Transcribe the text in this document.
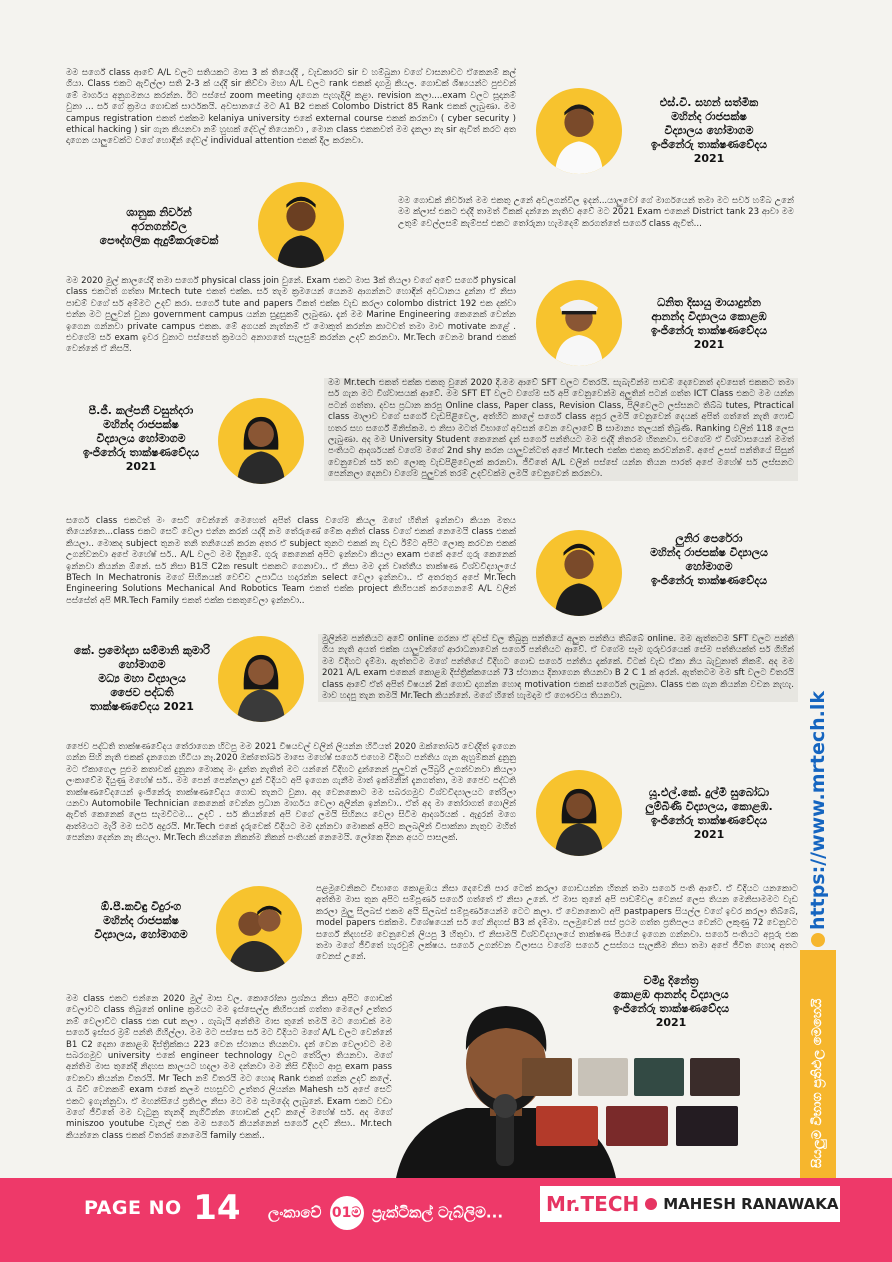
මම සර්ගේ class ආවේ A/L වලට සතියකට මාස 3 ක් තියෙද්දි , වැඩකාරට sir ව හම්බුනා වගේ වාසනාවට ඒකෙනම් කල් ගියා. Class එකට ඇවිල්ලා සති 2-3 ක් යද්දී sir කිව්වා මහා A/L වලට rank එකක් දාගමු කියල. ගොඩක් ශිෂ්‍යයන්ට පුළුවන් මේ මාර්ගය අනුගමනය කරන්න. ඊට පස්සේ zoom meeting දාගෙන පැහැදිලි කළා. revision කලා....exam වලට සූදානම් වුනා ... සර් ගේ ක්‍රමය ගොඩක් සාර්ථකයි. අවසානයේ මට A1 B2 එකක් Colombo District 85 Rank එකක් ලැබුණා. මම campus registration එකත් එක්කම kelaniya university එකේ external course එකක් කරනවා ( cyber security ) ethical hacking ) sir ගැන කියනවා නම් හුඟක් දේවල් තියෙනවා , මොන class එකකවත් මම දැකලා නෑ sir ඇවිත් කරට අත දාගෙන යාලුවෙක්ට වගේ හොඳින් දේවල් individual attention එකක් දීල කරනවා.
එස්.වී. සහන් සත්මික
මහින්ද රාජපක්ෂ
විද්‍යාලය හෝමාගම
ඉංජිනේරු තාක්ෂණවේදය
2021
ශානුක නිර්වන්
අරනගන්විල
පෞද්ගලික ඇදුම්කරුවෙක්
මම ගොඩක් නිර්වාන් මම එකතු උනේ අවලගන්විල ඉදන්...යාලුවෝ ගේ මාර්ගයෙන් තමා මට සර්ව හම්බ උනේ මම ක්ලාස් එකට එද්දී තාමත් ටිකක් දන්නෙ නැතිව අවේ මට 2021 Exam එකෙන් District tank 23 ආවා මම උතුම් වෙල්ලසම් කැම්පස් එකට තෝරුනා හැමදෙම් කරගත්තේ සර්ගේ class ඇවිත්...
මම 2020 මුල් කාලයේදී තමා සර්ගේ physical class join වුනේ. Exam එකට මාස 3ක් තියලා වගේ අවේ සර්ගේ physical class එකටත් ගත්තා Mr.tech tute එකත් එක්ක. සර් තැම ක්‍රමයෙන් යෙනම ආගන්නට හොඳින් අවධානය දුන්නා ඒ නිසා පාඩම් වගේ සර් අම්මට උදව් කරා. සර්ගේ tute and papers ටිකත් එක්ක වැඩ කරලා colombo district 192 එක දක්වා එන්න මට පුලුවන් වුනා government campus යන්න සුදුසුකම් ලැබුණා. දැන් මම Marine Engineering කෙනෙක් වෙන්න ඉගෙන ගන්නවා private campus එකක. මේ අගයක් නැත්නම් ඒ මොකුත් කරන්න කාටවත් තමා මාව motivate කළේ . එවගේම සර් exam ඉවර වුනාට පස්සෙත් ක්‍රමයට අනාගතේ සැලසුම් කරන්න උදව් කරනවා. Mr.Tech වෙනම brand එකක් වෙන්නේ ඒ නිසයි.
ධනිත දිසායු මායාදුන්න
ආනන්ද විද්‍යාලය කොළඹ
ඉංජිනේරු තාක්ෂණවේදය
2021
මම Mr.tech එකත් එක්ක එකතු වුනේ 2020 දී.මම ආවේ SFT වලට විතරයි. සැබැවින්ම පාඩම් දෙවෙනත් දවසෙත් එකකට තමා සර් ගැන මට විශ්වාසයක් ආවේ. මම SFT ET වලට වගේම සර් අපි වෙනුවෙන්ම අලුතින් පටන් ගත්ත ICT Class එකට මම යන්න පටන් ගත්තා. දවස ප්‍රධාන කරපු Online class, Paper class, Revision Class, පිලිවෙලට ලස්සනට තිබ්බ tutes, Ptractical class මාලාව වගේ සර්ගේ වැඩපිළිවෙල, අත්හිට කාලේ සර්ගේ class අපූර ලමයි වෙනුවෙන් දෙයක් අපිත් ගත්තේ නැති ෆොඩ් හතර සහ සර්ගේ මිනිස්කම. එ නිසා මටත් විභාගේ අවසන් වෙන වෙලාවේ B සාමාන්‍ය තලයක් තිබුණි. Ranking වලින් 118 ලෙස ලැබුණා. අද මම University Student කෙනෙක් දැන් සර්ගේ පන්තියට මම එද්දී නිතරම හිතනවා. එවගේම ඒ විශ්වාසයෙන් මමත් පංතියට ආදර්ශයක් වගේම මගේ 2nd shy කරන යාලුවන්ටත් අපේ Mr.tech එක්ක එකතු කරවන්නම්. අපේ උසස් පන්තියේ සිසුන් වෙනුවෙන් සර් තව ලොකු වැඩපිළිවෙලක් කරනවා. ජීවිතේ A/L වලින් පස්සේ යන්න තියන පාරත් අපේ මහේෂ් සර් ලස්සනට පෙන්නලා දෙනවා වගේම පුලුවන් තරම් උදව්වක්ම ලමයි වෙනුවෙන් කරනවා.
පී.ජී. කල්පනී වසුන්දරා
මහින්ද රාජපක්ෂ
විද්‍යාලය හෝමාගම
ඉංජිනේරු තාක්ෂණවේදය
2021
සර්ගෙ class එකටත් මං සෙට් වෙන්නේ මෙහෙත් අපිත් class වගේම කියල ඔහේ හිතින් ඉන්නවා කියන මතය තියෙන්නෙ...class එකට සෙට් වෙලා එන්න කරන් යද්දී නම තේරුණේ මේක අනිත් class වගේ එකක් නෙමෙයි class එකක් කියලා.. මොකද subject තුනම තනි තනියෙන් කරන අතර ඒ subject තුනට එකක් නැ වැඩ ඊම්ට අපිට ලොකු කරවන එකක් උගන්වනවා අපේ මහේෂ් සර්.. A/L වලට මම දිනුමේ. ගුරු කෙනෙක් අපිට ඉන්නවා කියලා exam එකේ අපේ ගුරු කෙනෙක් ඉන්නවා කියන්න ඕනේ. සර් නිසා B1යි C2ක result එකකට ගෙනාවා.. ඒ නිසා මම දැන් වෘත්තීය තාක්ෂණ විශ්වවිද්‍යාලයේ BTech In Mechatronis මගේ සිහිනයක් වෙච්ච උපාධිය හදාරන්න select වෙලා ඉන්නවා.. ඒ අතරතුර අපේ Mr.Tech Engineering Solutions Mechanical And Robotics Team එකත් එක්ක project කිහිපයක් කරගෙනමේ A/L වලින් පස්සේත් අපි MR.Tech Family එකත් එක්ක එකතුවෙලා ඉන්නවා..
ලුනිර පෙරේරා
මහින්ද රාජපක්ෂ විද්‍යාලය
හෝමාගම
ඉංජිනේරු තාක්ෂණවේදය
කේ. ප්‍රමෝද්‍යා සම්මානි කුමාරි
හෝමාගම
මධ්‍ය මහා විද්‍යාලය
ජෛව පද්ධති
තාක්ෂණවේදය 2021
මුලින්ම පන්තියට අවේ online ගරනා ඒ දවස් වල තිබුනු පන්තියේ අලුත පන්තිය තිබ්බේ online. මම ඇත්තටම SFT වලට පන්ති ගිය නැති අයත් එක්ක යාලුවන්ගේ ආරාධනාවෙන් සර්ගේ පන්තියට ආවේ. ඒ වගේම සෑම ගුරුවරයෙක් සේම පත්තියක්ත් සර් ගිහින් මම විදිහට දැම්මා. ඇත්තටම මගේ පන්තියේ විදිහට ගොඩ සර්ගෙ පන්තිය දැක්කේ. විටක් වැඩ ඒකා නිය බැවුනාත් නිකම්. අද මම 2021 A/L exam එකෙන් කොළඹ දිස්ත්‍රික්කයෙන් 73 ස්ථානය දිනාගෙන තියනවා B 2 C 1 ක් අරන්. ඇත්තටම මම sft වලට විතරයි class ආවේ ඒත් අපිත් විෂයන් 2ක් ගොඩ දාගන්න හොඳ motivation එකක් සර්ගෙන් ලැබුනා. Class එක ගැන කියන්න වචන නැහැ. මාව හදපු තැන තමයි Mr.Tech කියන්නේ. මගේ හිතේ හැමදාම ඒ ගෞරවය තියනවා.
ජෛව පද්ධති තාක්ෂණවේදය තේරාගෙන හිටපු මම 2021 විෂයවල් වලින් ලියන්න හිටියත් 2020 ඔක්තෝබර් වෙද්දිත් ඉගෙන ගන්න සිහි නැති එකක් දැනගෙන හිටියා නෑ.2020 ඔක්තෝබර් මාසෙ මහේෂ් සර්ගෙ එහෙම විදිහට පන්තිය ගැන ඇහුම්කන් දුනුනු මට ඒකාගෙල පුළුම කතාවක් දුනුනා මොකද මං දුන්ත නැතිත් මට යන්නේ විදිහට දුන්නෙන් පුලුවන් ලයිබ්‍රරි උගන්වනවා කියලා ලංකාවේම දියුණු මහේෂ් සර්.. මම පෙන් පෙන්නලා දුන් විදියට අපි ඉගෙන ගැනීම මාත් ඉක්මනින් දැනගත්තා, මම ජෛව පද්ධති තාක්ෂණවේදයෙන් ඉංජිනේරු තාක්ෂණවේදය ගොඩ තැනට වුනා. අද වෙනකොට මම සබරගමුව විශ්වවිද්‍යාලයට තේරිලා යනවා Automobile Technician කෙනෙක් වෙන්න ප්‍රධාන මාර්ගය වෙලා අලින්න ඉන්නවා.. ඒත් අද මා තෝරාගත් ගොලින් ඇවිත් කෙනෙක් ලෙස සැමවිටම... උදව් . සර් කියන්නේ අපි වගේ ලමයි සිහිනය වෙලා සිටිම ආදර්ශයක් . ඇදුරන් මගෙ ආත්මයට මැරී මම සර්ට අදුරයි. Mr.Tech එකේ දැරුවෙක් විදියට මම දන්නවා මොකක් අපිට කලබලින් විපාක්නා නැතුව මහිත් පෙන්නා දෙන්න නෑ කියලා. Mr.Tech කියන්නෙ නිකන්ම නිකන් පංතියක් නෙමෙයි. ලෝකෙ දිනන අයට පාසලක්.
යූ.එල්.කේ. දුල්මි සුබෝධා
ලුම්බිණි විද්‍යාලය, කොළඹ.
ඉංජිනේරු තාක්ෂණවේදය
2021
ඕ.පී.කවිඳු විදුරංග
මහින්ද රාජපක්ෂ
විද්‍යාලය, හෝමාගම
පළමුවෙනිකට විභාගෙ කොළඹය නිසා දෙවෙනි පාර ටෙක් කරලා ගොඩයන්න හිතන් තමා සර්ගෙ පංති ආවේ. ඒ විදියට යනකොට අත්තිම මාස තුන අපිට සම්පූර්ණ සර්ගේ ගත්තේ ඒ නිසා උනේ. ඒ මාස තුනේ අපි පාඩම්වල වෙනස් ලෙස තියන මෙනිසාමමට වැඩ කරලා මුලු සිලබස් එකම අයි සිලබස් සම්පූර්ණයෙන්ම ටෙට කලා. ඒ වෙනකොට අපි pastpapers සියල්ල වගේ ඉවර කරලා තිබ්බේ, model papers එක්කම. විශේෂයෙන් සර් ගේ නිදහස් B3 ක් දැම්මා. පලමුවෙන් පස් ප්‍රථම ගත්ත ප්‍රතිපලය වෙන්ට ලකුණු 72 වෙනුවට සර්ගේ නිදහස්ම වෙනුවෙන් ලියපු 3 හිතුවා. ඒ නිසාමයි විශ්වවිද්‍යාලයේ තාක්ෂණ පීඨයේ ඉගෙන ගන්නවා. සර්ගෙ පංතියට අපූරු එක තමා මගේ ජීවිතේ හැරවුම් ලක්ෂය. සර්ගෙ උගන්වන විලාසය වගේම සර්ගෙ උසස්ගය සැලකීම නිසා තමා අපේ ජීවිත හොඳ අතට වෙනස් උනේ.
මම class එකට එන්නෙ 2020 මුල් මාස වල. කොරෝනා ප්‍රශ්නය නිසා අපිට ගොඩක් වෙලාවට class තිබුනේ online ක්‍රමයට මම ඉස්සෙල්ල කිහිපයක් ගත්තා මෙලෝ උත්තර නම් වෙලාව්ට class එක cut කලා . ගැබැයි අන්තිම මාස තුනේ තමයි මට ගොඩක් මම සර්ගෙ ඉස්සර ම්‍රම් පන්ති ගිහිල්ලා. මම මට පස්සෙ සර් මට විදියට මගේ A/L වලට වෙන්නේ B1 C2 දෙනා කොළඹ දිස්ත්‍රික්කය 223 වෙන ස්ථානය තියනවා. දැන් වෙන වෙලාවට මම සබරගමුව university එකේ engineer technology වලට තේරිලා තියනවා. මගේ අන්තිම මාස තුනේදී නිදහස කාලයට හදලා මම දන්නවා මම නිසි විදිහට ආපු exam pass වෙනවා කියන්න විතරයි. Mr Tech නම් විතරයි මට හොඳ Rank එකක් ගන්න උදව් කලේ. රැ බිව් වෙනකම් exam එකේ කලම පහසුවට උත්තර ලියන්න Mahesh සර් අපේ සෙට් එකට ඉගැන්නුවා. ඒ මහන්සියේ ප්‍රතිඵල නිසා මට මම සැමදේද ලැබුනේ. Exam එකට වඩා මගේ ජීවිතේ මම වැටුනු තැනදී නැගිටින්න හොඩක් උදව් කලේ මහේෂ් සර්. අද මගේ miniszoo youtube චැනල් එක මම සර්ගෙ කියන්නෙන් සර්ගේ උදව් නිසා.. Mr.tech කියන්නෙ class එකක් විතරක් නෙමෙයි family එකක්..
චමිදු දිනේත්‍ර
කොළඹ ආනන්ද විද්‍යාලය
ඉංජිනේරු තාක්ෂණවේදය
2021
https://www.mrtech.lk
සියලුම විභාග ප්‍රතිඵල මෙහෙයි
PAGE NO 14 ලංකාවේ 01ම ප්‍රැක්ටිකල් ටැබ්ලිම... Mr.TECH MAHESH RANAWAKA
